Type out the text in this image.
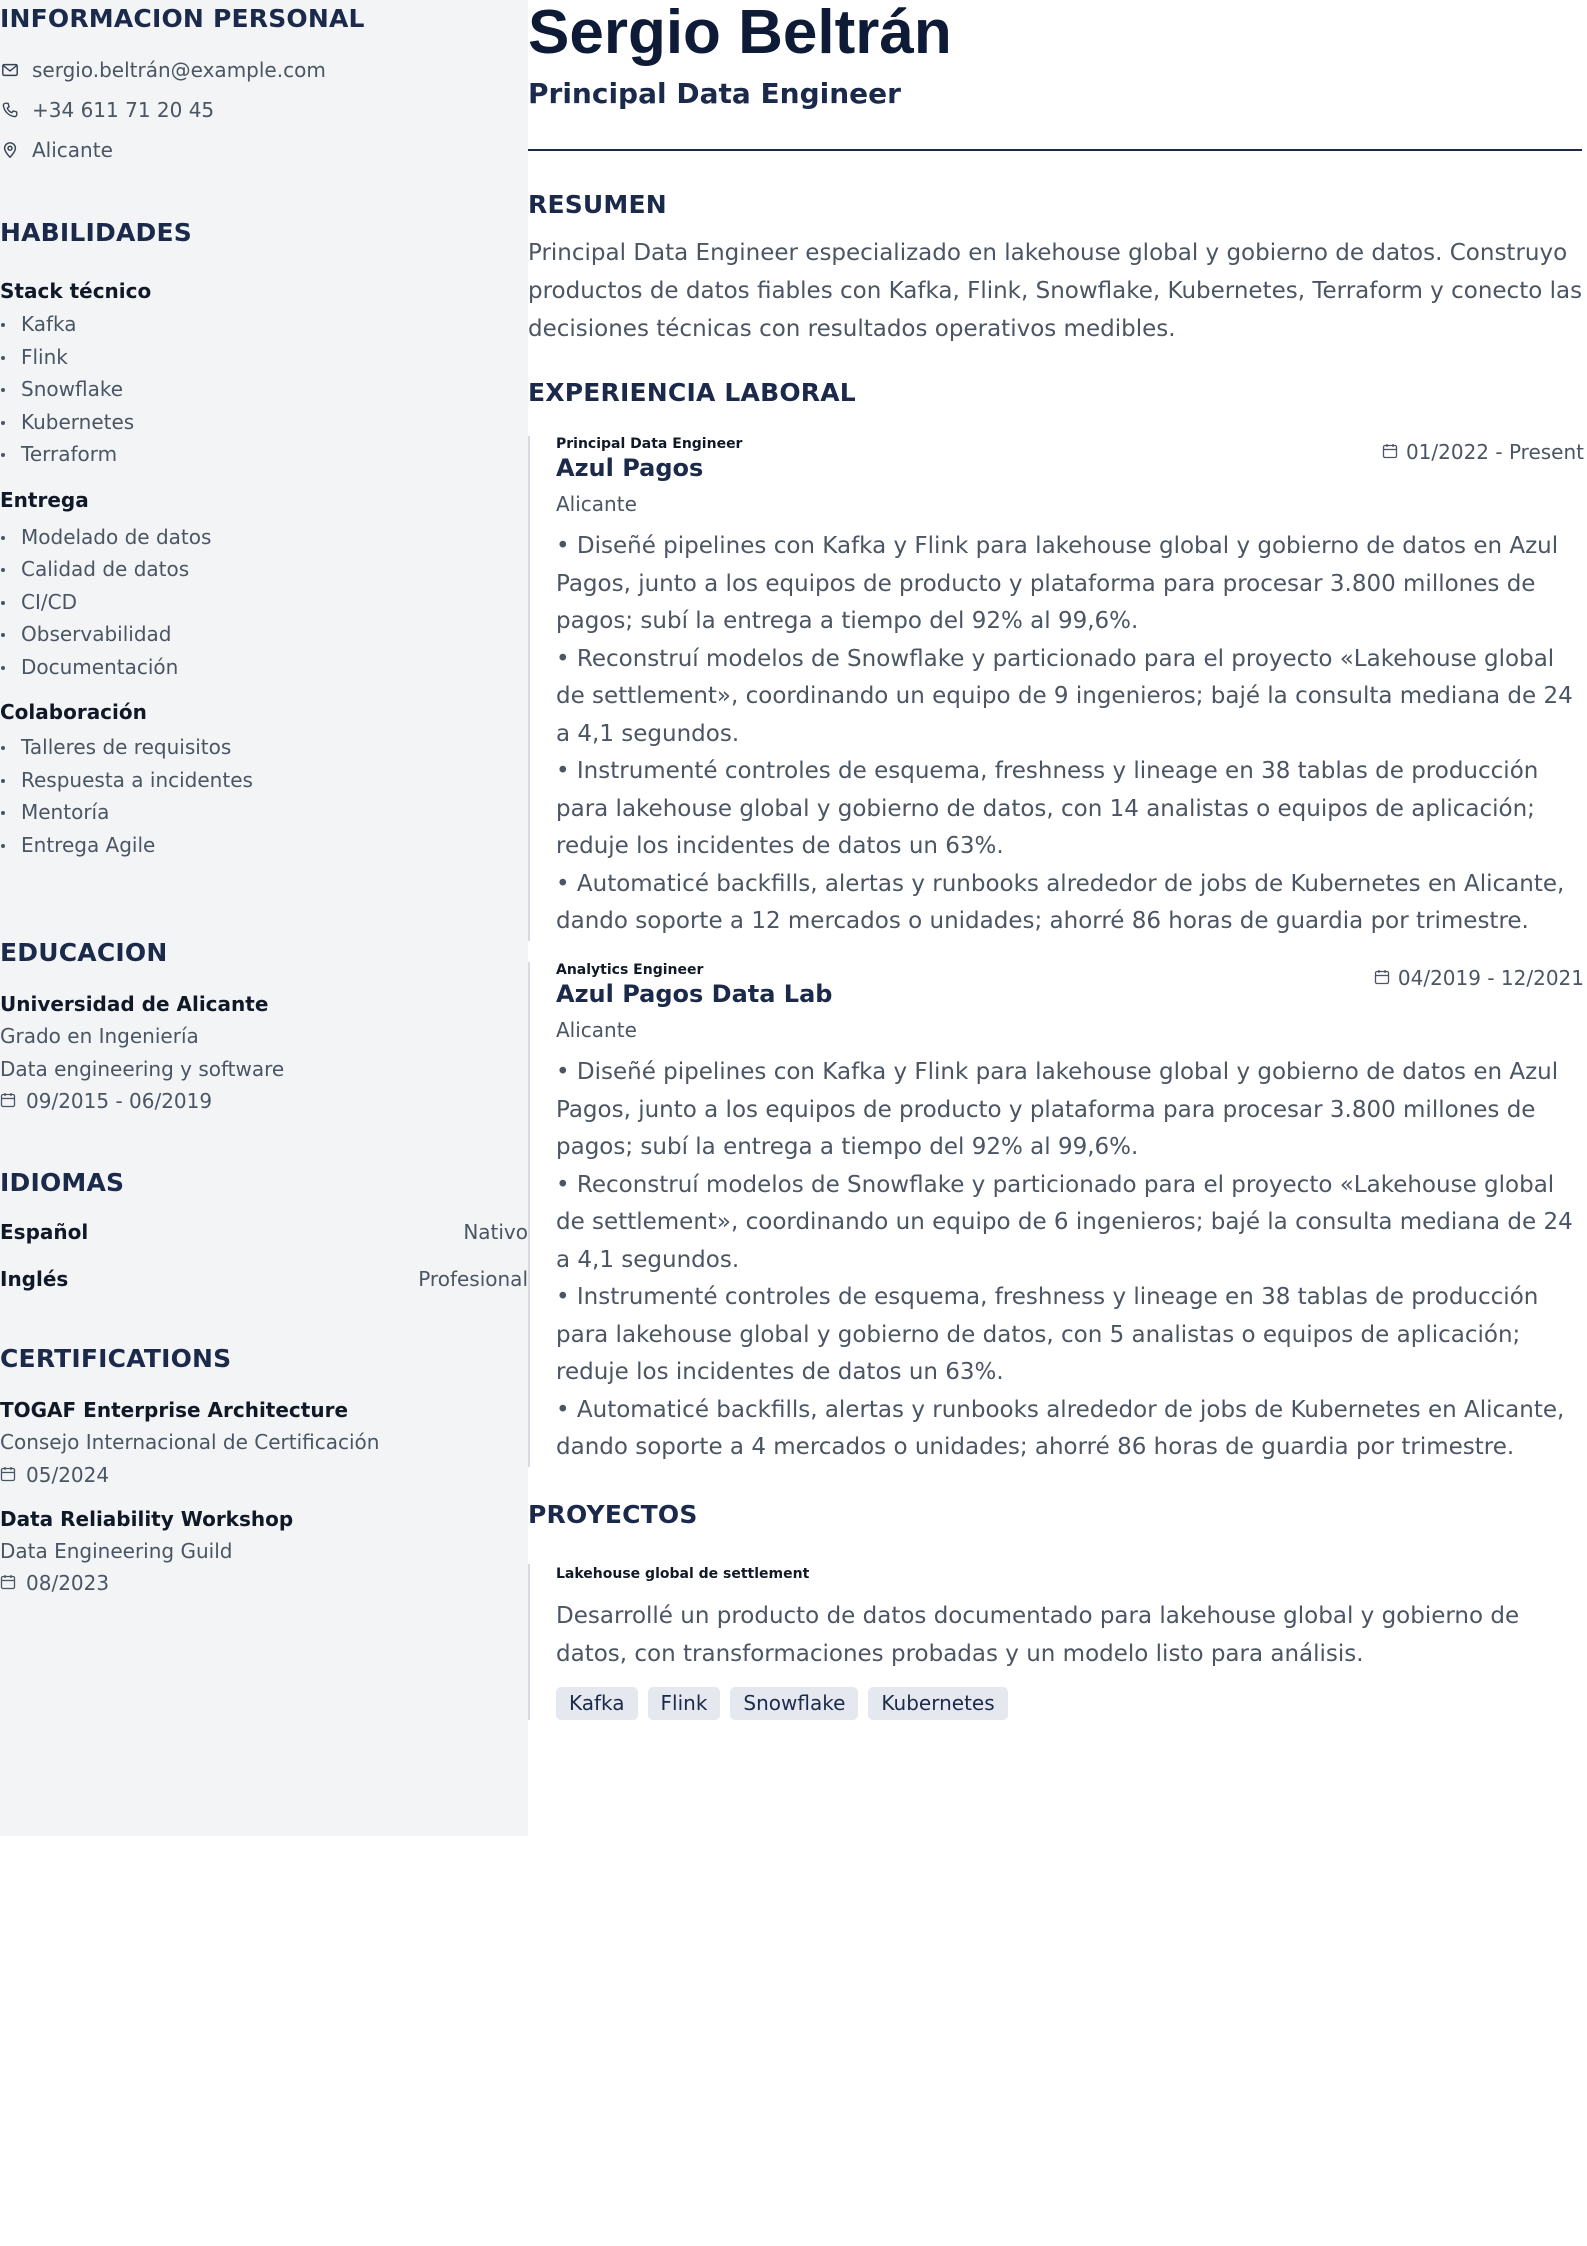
INFORMACION PERSONAL
sergio.beltrán@example.com
+34 611 71 20 45
Alicante
HABILIDADES
Stack técnico
Kafka
Flink
Snowflake
Kubernetes
Terraform
Entrega
Modelado de datos
Calidad de datos
CI/CD
Observabilidad
Documentación
Colaboración
Talleres de requisitos
Respuesta a incidentes
Mentoría
Entrega Agile
EDUCACION
Universidad de Alicante
Grado en Ingeniería
Data engineering y software
09/2015 - 06/2019
IDIOMAS
Español	Nativo
Inglés	Profesional
CERTIFICATIONS
TOGAF Enterprise Architecture
Consejo Internacional de Certificación
05/2024
Data Reliability Workshop
Data Engineering Guild
08/2023
Sergio Beltrán
Principal Data Engineer
RESUMEN

Principal Data Engineer especializado en lakehouse global y gobierno de datos. Construyo productos de datos fiables con Kafka, Flink, Snowflake, Kubernetes, Terraform y conecto las decisiones técnicas con resultados operativos medibles.

EXPERIENCIA LABORAL
Principal Data Engineer
Azul Pagos
Alicante
01/2022 - Present

• Diseñé pipelines con Kafka y Flink para lakehouse global y gobierno de datos en Azul Pagos, junto a los equipos de producto y plataforma para procesar 3.800 millones de pagos; subí la entrega a tiempo del 92% al 99,6%.

• Reconstruí modelos de Snowflake y particionado para el proyecto «Lakehouse global de settlement», coordinando un equipo de 9 ingenieros; bajé la consulta mediana de 24 a 4,1 segundos.

• Instrumenté controles de esquema, freshness y lineage en 38 tablas de producción para lakehouse global y gobierno de datos, con 14 analistas o equipos de aplicación; reduje los incidentes de datos un 63%.

• Automaticé backfills, alertas y runbooks alrededor de jobs de Kubernetes en Alicante, dando soporte a 12 mercados o unidades; ahorré 86 horas de guardia por trimestre.

Analytics Engineer
Azul Pagos Data Lab
Alicante
04/2019 - 12/2021

• Diseñé pipelines con Kafka y Flink para lakehouse global y gobierno de datos en Azul Pagos, junto a los equipos de producto y plataforma para procesar 3.800 millones de pagos; subí la entrega a tiempo del 92% al 99,6%.

• Reconstruí modelos de Snowflake y particionado para el proyecto «Lakehouse global de settlement», coordinando un equipo de 6 ingenieros; bajé la consulta mediana de 24 a 4,1 segundos.

• Instrumenté controles de esquema, freshness y lineage en 38 tablas de producción para lakehouse global y gobierno de datos, con 5 analistas o equipos de aplicación; reduje los incidentes de datos un 63%.

• Automaticé backfills, alertas y runbooks alrededor de jobs de Kubernetes en Alicante, dando soporte a 4 mercados o unidades; ahorré 86 horas de guardia por trimestre.

PROYECTOS
Lakehouse global de settlement

Desarrollé un producto de datos documentado para lakehouse global y gobierno de datos, con transformaciones probadas y un modelo listo para análisis.

Kafka	Flink	Snowflake	Kubernetes
